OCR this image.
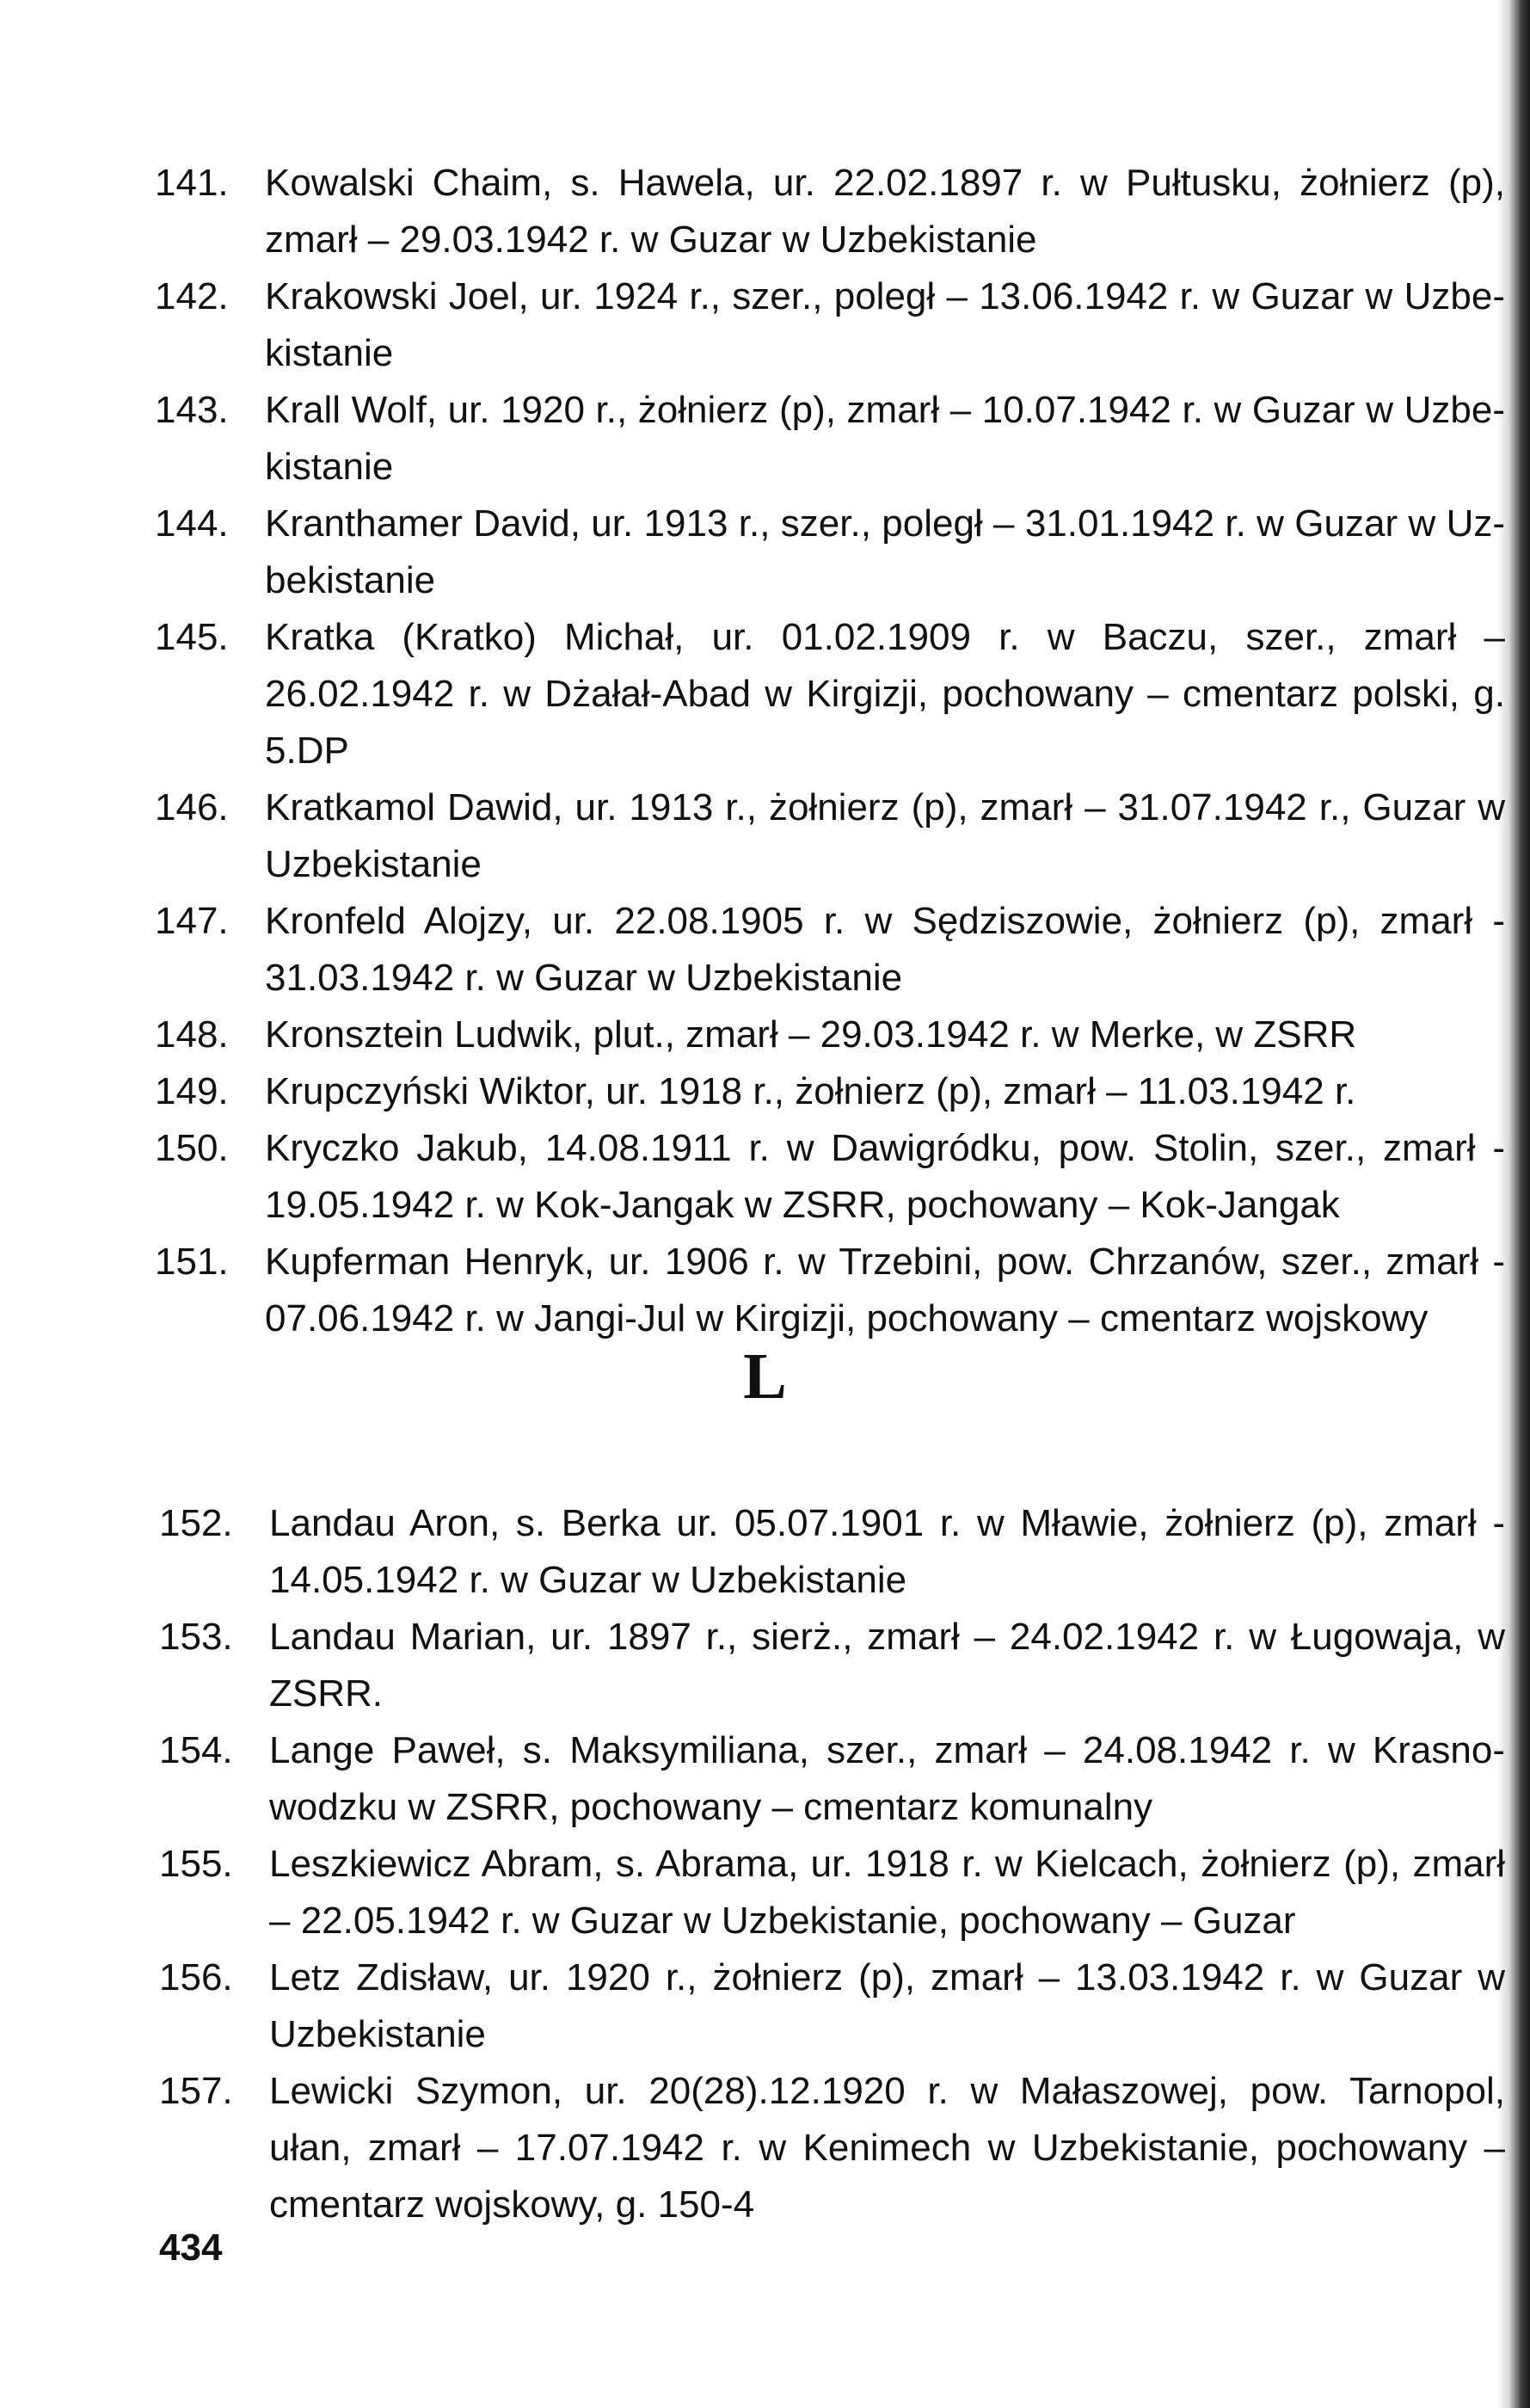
141. Kowalski Chaim, s. Hawela, ur. 22.02.1897 r. w Pułtusku, żołnierz (p), zmarł – 29.03.1942 r. w Guzar w Uzbekistanie
142. Krakowski Joel, ur. 1924 r., szer., poległ – 13.06.1942 r. w Guzar w Uzbekistanie
143. Krall Wolf, ur. 1920 r., żołnierz (p), zmarł – 10.07.1942 r. w Guzar w Uzbekistanie
144. Kranthamer David, ur. 1913 r., szer., poległ – 31.01.1942 r. w Guzar w Uzbekistanie
145. Kratka (Kratko) Michał, ur. 01.02.1909 r. w Baczu, szer., zmarł – 26.02.1942 r. w Dżałał-Abad w Kirgizji, pochowany – cmentarz polski, g. 5.DP
146. Kratkamol Dawid, ur. 1913 r., żołnierz (p), zmarł – 31.07.1942 r., Guzar w Uzbekistanie
147. Kronfeld Alojzy, ur. 22.08.1905 r. w Sędziszowie, żołnierz (p), zmarł - 31.03.1942 r. w Guzar w Uzbekistanie
148. Kronsztein Ludwik, plut., zmarł – 29.03.1942 r. w Merke, w ZSRR
149. Krupczyński Wiktor, ur. 1918 r., żołnierz (p), zmarł – 11.03.1942 r.
150. Kryczko Jakub, 14.08.1911 r. w Dawigródku, pow. Stolin, szer., zmarł - 19.05.1942 r. w Kok-Jangak w ZSRR, pochowany – Kok-Jangak
151. Kupferman Henryk, ur. 1906 r. w Trzebini, pow. Chrzanów, szer., zmarł - 07.06.1942 r. w Jangi-Jul w Kirgizji, pochowany – cmentarz wojskowy
L
152. Landau Aron, s. Berka ur. 05.07.1901 r. w Mławie, żołnierz (p), zmarł - 14.05.1942 r. w Guzar w Uzbekistanie
153. Landau Marian, ur. 1897 r., sierż., zmarł – 24.02.1942 r. w Ługowaja, w ZSRR.
154. Lange Paweł, s. Maksymiliana, szer., zmarł – 24.08.1942 r. w Krasnowodzku w ZSRR, pochowany – cmentarz komunalny
155. Leszkiewicz Abram, s. Abrama, ur. 1918 r. w Kielcach, żołnierz (p), zmarł – 22.05.1942 r. w Guzar w Uzbekistanie, pochowany – Guzar
156. Letz Zdisław, ur. 1920 r., żołnierz (p), zmarł – 13.03.1942 r. w Guzar w Uzbekistanie
157. Lewicki Szymon, ur. 20(28).12.1920 r. w Małaszowej, pow. Tarnopol, ułan, zmarł – 17.07.1942 r. w Kenimech w Uzbekistanie, pochowany – cmentarz wojskowy, g. 150-4
434
